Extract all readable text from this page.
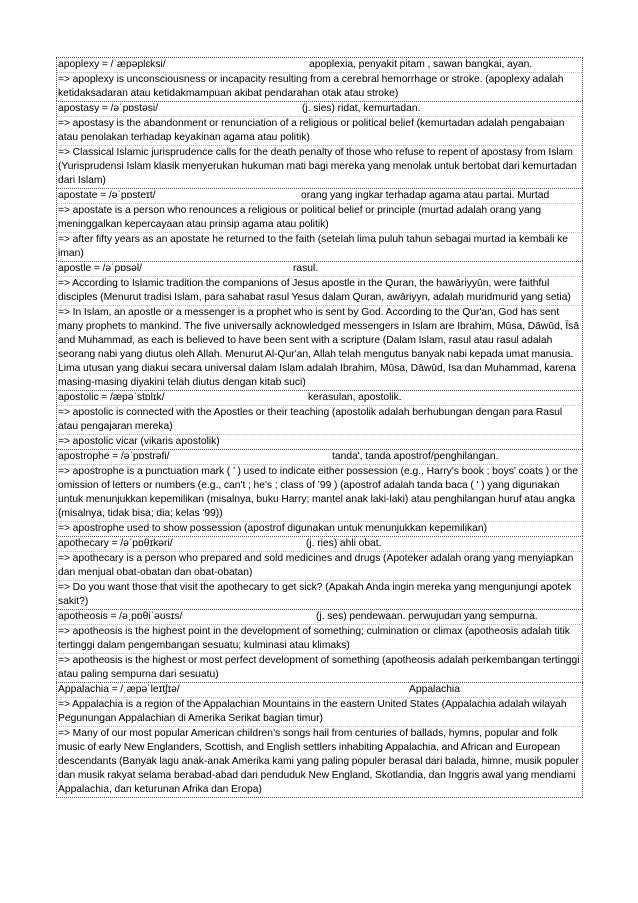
apoplexy = /ˈæpəplɛksi/	apoplexia, penyakit pitam , sawan bangkai, ayan.
=> apoplexy is unconsciousness or incapacity resulting from a cerebral hemorrhage or stroke. (apoplexy adalah ketidaksadaran atau ketidakmampuan akibat pendarahan otak atau stroke)
apostasy = /əˈpɒstəsi/	(j. sies) ridat, kemurtadan.
=> apostasy is the abandonment or renunciation of a religious or political belief (kemurtadan adalah pengabaian atau penolakan terhadap keyakinan agama atau politik)
=> Classical Islamic jurisprudence calls for the death penalty of those who refuse to repent of apostasy from Islam (Yurisprudensi Islam klasik menyerukan hukuman mati bagi mereka yang menolak untuk bertobat dari kemurtadan dari Islam)
apostate = /əˈpɒsteɪt/	orang yang ingkar terhadap agama atau partai. Murtad
=> apostate is a person who renounces a religious or political belief or principle (murtad adalah orang yang meninggalkan kepercayaan atau prinsip agama atau politik)
=> after fifty years as an apostate he returned to the faith (setelah lima puluh tahun sebagai murtad ia kembali ke iman)
apostle = /əˈpɒsəl/	rasul.
=> According to Islamic tradition the companions of Jesus apostle in the Quran, the ḥawāriyyūn, were faithful disciples (Menurut tradisi Islam, para sahabat rasul Yesus dalam Quran, awāriyyn, adalah muridmurid yang setia)
=> In Islam, an apostle or a messenger is a prophet who is sent by God. According to the Qur'an, God has sent many prophets to mankind. The five universally acknowledged messengers in Islam are Ibrahim, Mūsa, Dāwūd, Īsā and Muhammad, as each is believed to have been sent with a scripture (Dalam Islam, rasul atau rasul adalah seorang nabi yang diutus oleh Allah. Menurut Al-Qur'an, Allah telah mengutus banyak nabi kepada umat manusia. Lima utusan yang diakui secara universal dalam Islam adalah Ibrahim, Mūsa, Dāwūd, Isa dan Muhammad, karena masing-masing diyakini telah diutus dengan kitab suci)
apostolic = /æpəˈstɒlɪk/	kerasulan, apostolik.
=> apostolic is connected with the Apostles or their teaching (apostolik adalah berhubungan dengan para Rasul atau pengajaran mereka)
=> apostolic vicar (vikaris apostolik)
apostrophe = /əˈpɒstrəfi/	tanda', tanda apostrof/penghilangan.
=> apostrophe is a punctuation mark ( ’ ) used to indicate either possession (e.g., Harry's book ; boys' coats ) or the omission of letters or numbers (e.g., can't ; he's ; class of ’99 ) (apostrof adalah tanda baca ( ' ) yang digunakan untuk menunjukkan kepemilikan (misalnya, buku Harry; mantel anak laki-laki) atau penghilangan huruf atau angka (misalnya, tidak bisa; dia; kelas '99))
=> apostrophe used to show possession (apostrof digunakan untuk menunjukkan kepemilikan)
apothecary = /əˈpɒθɪkəri/	(j. ries) ahli obat.
=> apothecary is a person who prepared and sold medicines and drugs (Apoteker adalah orang yang menyiapkan dan menjual obat-obatan dan obat-obatan)
=> Do you want those that visit the apothecary to get sick? (Apakah Anda ingin mereka yang mengunjungi apotek sakit?)
apotheosis = /əˌpɒθiˈəʊsɪs/	(j. ses) pendewaan. perwujudan yang sempurna.
=> apotheosis is the highest point in the development of something; culmination or climax (apotheosis adalah titik tertinggi dalam pengembangan sesuatu; kulminasi atau klimaks)
=> apotheosis is the highest or most perfect development of something (apotheosis adalah perkembangan tertinggi atau paling sempurna dari sesuatu)
Appalachia = /ˌæpəˈleɪtʃɪə/	Appalachia
=> Appalachia is a region of the Appalachian Mountains in the eastern United States (Appalachia adalah wilayah Pegunungan Appalachian di Amerika Serikat bagian timur)
=> Many of our most popular American children’s songs hail from centuries of ballads, hymns, popular and folk music of early New Englanders, Scottish, and English settlers inhabiting Appalachia, and African and European descendants (Banyak lagu anak-anak Amerika kami yang paling populer berasal dari balada, himne, musik populer dan musik rakyat selama berabad-abad dari penduduk New England, Skotlandia, dan Inggris awal yang mendiami Appalachia, dan keturunan Afrika dan Eropa)
